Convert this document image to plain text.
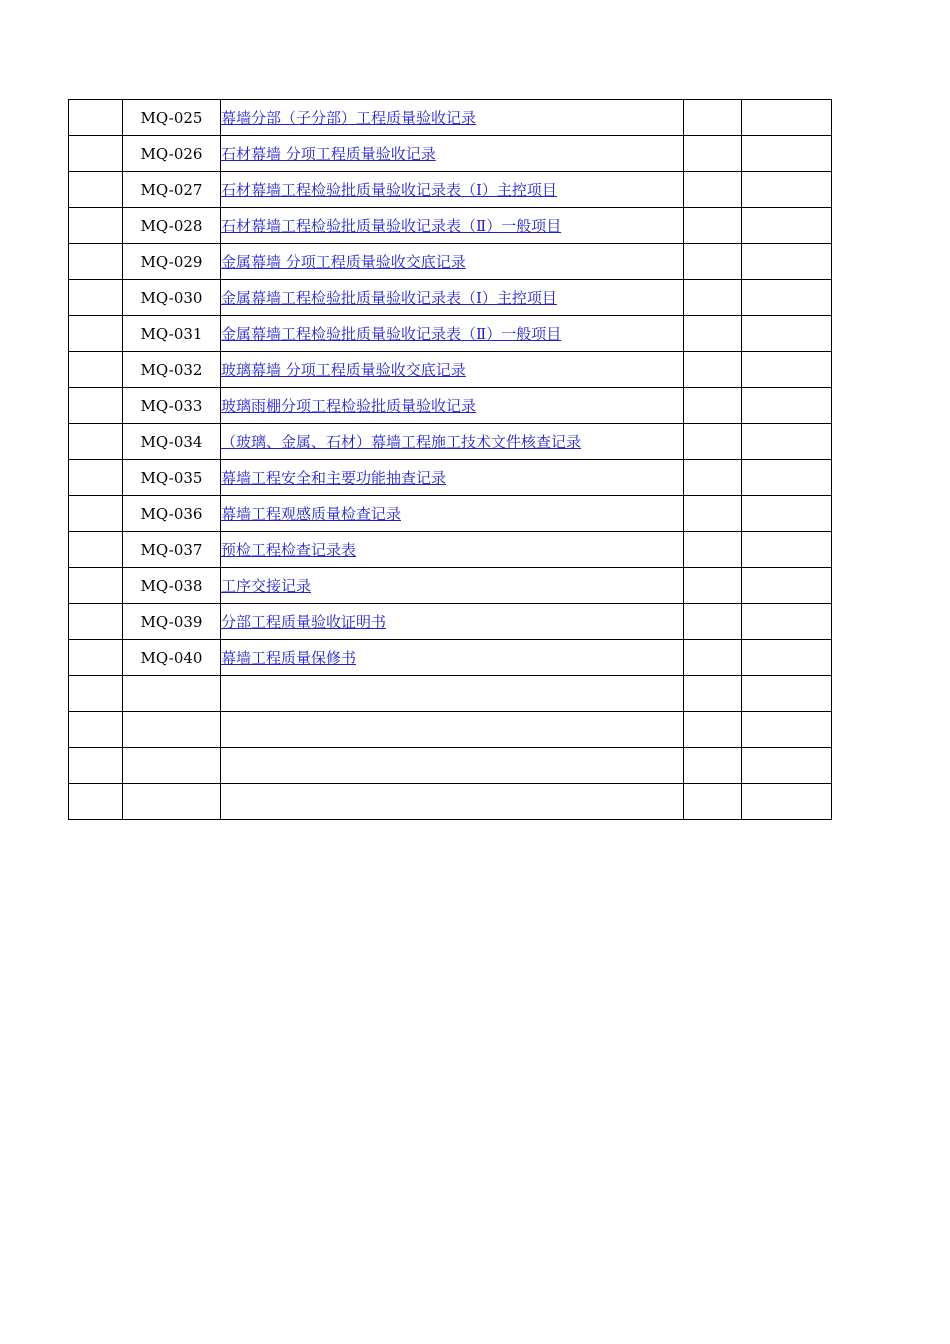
	MQ-025	幕墙分部（子分部）工程质量验收记录		
	MQ-026	石材幕墙 分项工程质量验收记录		
	MQ-027	石材幕墙工程检验批质量验收记录表（Ⅰ）主控项目		
	MQ-028	石材幕墙工程检验批质量验收记录表（Ⅱ）一般项目		
	MQ-029	金属幕墙 分项工程质量验收交底记录		
	MQ-030	金属幕墙工程检验批质量验收记录表（Ⅰ）主控项目		
	MQ-031	金属幕墙工程检验批质量验收记录表（Ⅱ）一般项目		
	MQ-032	玻璃幕墙 分项工程质量验收交底记录		
	MQ-033	玻璃雨棚分项工程检验批质量验收记录		
	MQ-034	（玻璃、金属、石材）幕墙工程施工技术文件核查记录		
	MQ-035	幕墙工程安全和主要功能抽查记录		
	MQ-036	幕墙工程观感质量检查记录		
	MQ-037	预检工程检查记录表		
	MQ-038	工序交接记录		
	MQ-039	分部工程质量验收证明书		
	MQ-040	幕墙工程质量保修书		
